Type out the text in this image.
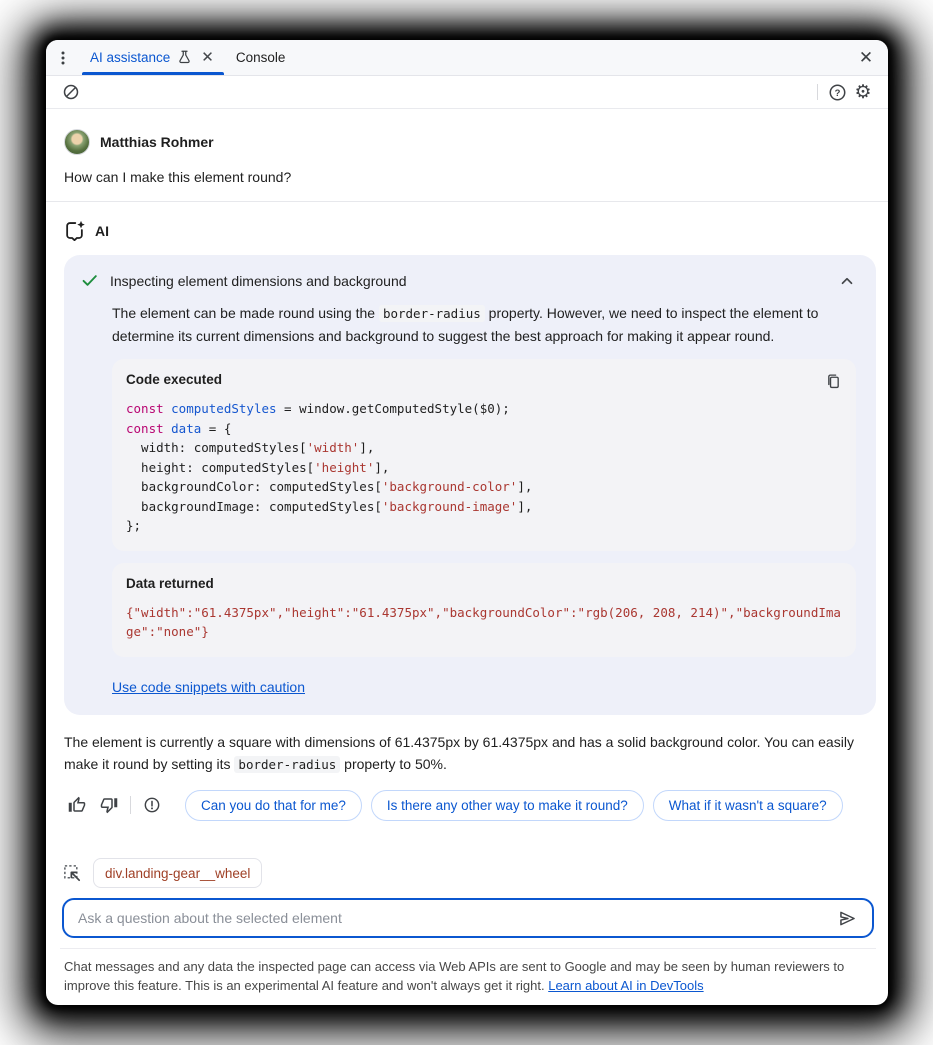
AI assistance ✕ Console	✕
? ⚙
Matthias Rohmer
How can I make this element round?
AI
Inspecting element dimensions and background

The element can be made round using the border-radius property. However, we need to inspect the element to determine its current dimensions and background to suggest the best approach for making it appear round.

Code executed
const computedStyles = window.getComputedStyle($0);
const data = {
width: computedStyles['width'],
height: computedStyles['height'],
backgroundColor: computedStyles['background-color'],
backgroundImage: computedStyles['background-image'],
};
Data returned
{"width":"61.4375px","height":"61.4375px","backgroundColor":"rgb(206, 208, 214)","backgroundImage":"none"}
Use code snippets with caution

The element is currently a square with dimensions of 61.4375px by 61.4375px and has a solid background color. You can easily make it round by setting its border-radius property to 50%.

Can you do that for me?	Is there any other way to make it round?	What if it wasn't a square?
div.landing-gear__wheel
Ask a question about the selected element
Chat messages and any data the inspected page can access via Web APIs are sent to Google and may be seen by human reviewers to improve this feature. This is an experimental AI feature and won't always get it right. Learn about AI in DevTools
